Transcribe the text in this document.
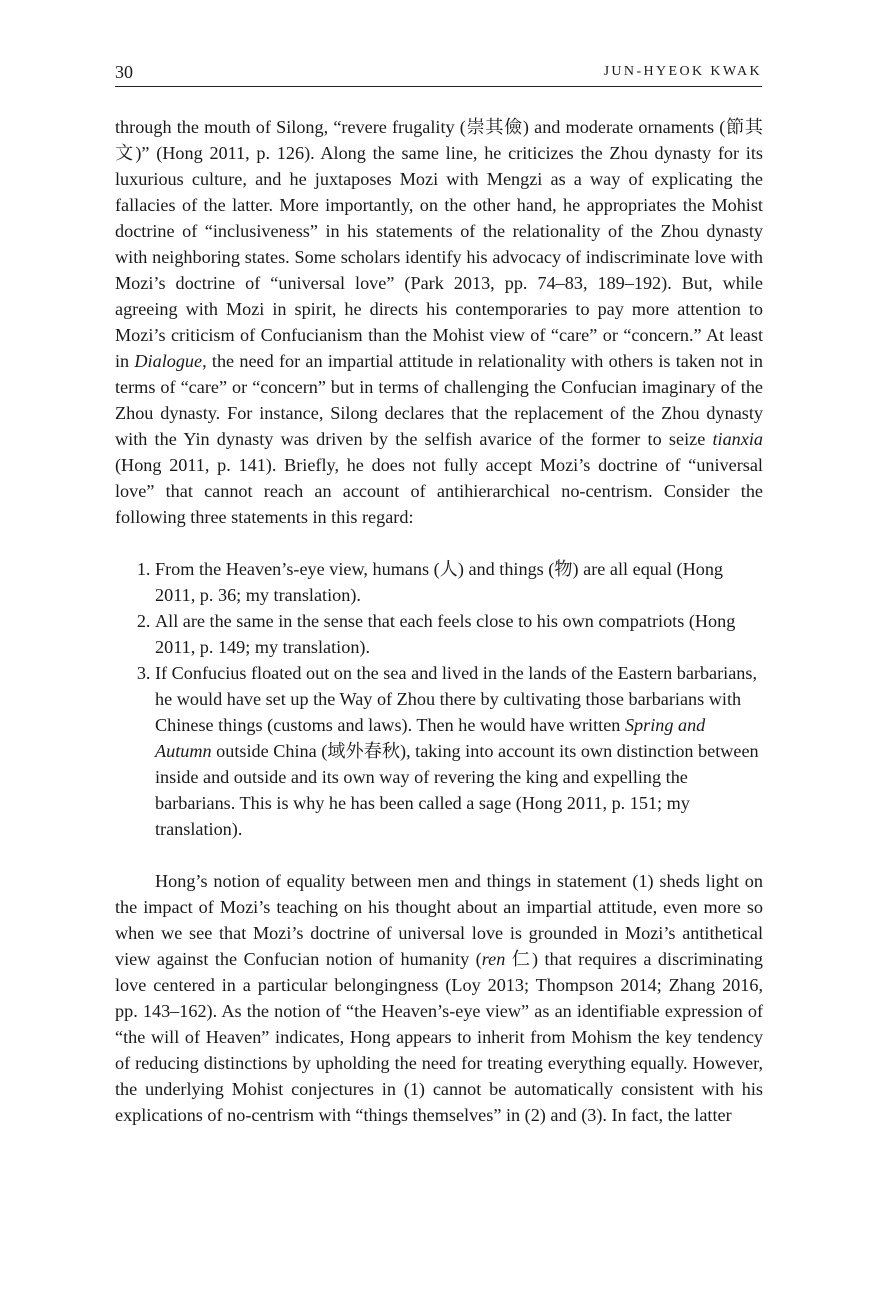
30	JUN-HYEOK KWAK

through the mouth of Silong, “revere frugality (崇其儉) and moderate ornaments (節其文)” (Hong 2011, p. 126). Along the same line, he criticizes the Zhou dynasty for its luxurious culture, and he juxtaposes Mozi with Mengzi as a way of explicating the fallacies of the latter. More importantly, on the other hand, he appropriates the Mohist doctrine of “inclusiveness” in his statements of the relationality of the Zhou dynasty with neighboring states. Some scholars identify his advocacy of indiscriminate love with Mozi’s doctrine of “universal love” (Park 2013, pp. 74–83, 189–192). But, while agreeing with Mozi in spirit, he directs his contemporaries to pay more attention to Mozi’s criticism of Confucianism than the Mohist view of “care” or “concern.” At least in Dialogue, the need for an impartial attitude in relationality with others is taken not in terms of “care” or “concern” but in terms of challenging the Confucian imaginary of the Zhou dynasty. For instance, Silong declares that the replacement of the Zhou dynasty with the Yin dynasty was driven by the selfish avarice of the former to seize tianxia (Hong 2011, p. 141). Briefly, he does not fully accept Mozi’s doctrine of “universal love” that cannot reach an account of antihierarchical no-centrism. Consider the following three statements in this regard:

1. From the Heaven’s-eye view, humans (人) and things (物) are all equal (Hong 2011, p. 36; my translation).
2. All are the same in the sense that each feels close to his own compatriots (Hong 2011, p. 149; my translation).
3. If Confucius floated out on the sea and lived in the lands of the Eastern barbarians, he would have set up the Way of Zhou there by cultivating those barbarians with Chinese things (customs and laws). Then he would have written Spring and Autumn outside China (域外春秋), taking into account its own distinction between inside and outside and its own way of revering the king and expelling the barbarians. This is why he has been called a sage (Hong 2011, p. 151; my translation).

Hong’s notion of equality between men and things in statement (1) sheds light on the impact of Mozi’s teaching on his thought about an impartial attitude, even more so when we see that Mozi’s doctrine of universal love is grounded in Mozi’s antithetical view against the Confucian notion of humanity (ren 仁) that requires a discriminating love centered in a particular belongingness (Loy 2013; Thompson 2014; Zhang 2016, pp. 143–162). As the notion of “the Heaven’s-eye view” as an identifiable expression of “the will of Heaven” indicates, Hong appears to inherit from Mohism the key tendency of reducing distinctions by upholding the need for treating everything equally. However, the underlying Mohist conjectures in (1) cannot be automatically consistent with his explications of no-centrism with “things themselves” in (2) and (3). In fact, the latter
